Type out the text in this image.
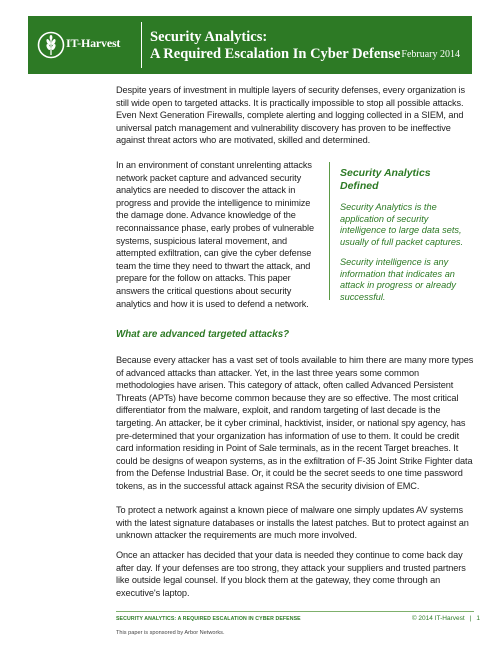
IT-Harvest Security Analytics:
A Required Escalation In Cyber Defense February 2014

Despite years of investment in multiple layers of security defenses, every organization is still wide open to targeted attacks. It is practically impossible to stop all possible attacks. Even Next Generation Firewalls, complete alerting and logging collected in a SIEM, and universal patch management and vulnerability discovery has proven to be ineffective against threat actors who are motivated, skilled and determined.

In an environment of constant unrelenting attacks network packet capture and advanced security analytics are needed to discover the attack in progress and provide the intelligence to minimize the damage done. Advance knowledge of the reconnaissance phase, early probes of vulnerable systems, suspicious lateral movement, and attempted exfiltration, can give the cyber defense team the time they need to thwart the attack, and prepare for the follow on attacks. This paper answers the critical questions about security analytics and how it is used to defend a network.

Security Analytics Defined
Security Analytics is the application of security intelligence to large data sets, usually of full packet captures.
Security intelligence is any information that indicates an attack in progress or already successful.
What are advanced targeted attacks?

Because every attacker has a vast set of tools available to him there are many more types of advanced attacks than attacker. Yet, in the last three years some common methodologies have arisen. This category of attack, often called Advanced Persistent Threats (APTs) have become common because they are so effective. The most critical differentiator from the malware, exploit, and random targeting of last decade is the targeting. An attacker, be it cyber criminal, hacktivist, insider, or national spy agency, has pre-determined that your organization has information of use to them. It could be credit card information residing in Point of Sale terminals, as in the recent Target breaches. It could be designs of weapon systems, as in the exfiltration of F-35 Joint Strike Fighter data from the Defense Industrial Base. Or, it could be the secret seeds to one time password tokens, as in the successful attack against RSA the security division of EMC.

To protect a network against a known piece of malware one simply updates AV systems with the latest signature databases or installs the latest patches. But to protect against an unknown attacker the requirements are much more involved.

Once an attacker has decided that your data is needed they continue to come back day after day. If your defenses are too strong, they attack your suppliers and trusted partners like outside legal counsel. If you block them at the gateway, they come through an executive's laptop.

SECURITY ANALYTICS: A REQUIRED ESCALATION IN CYBER DEFENSE	© 2014 IT-Harvest | 1
This paper is sponsored by Arbor Networks.
